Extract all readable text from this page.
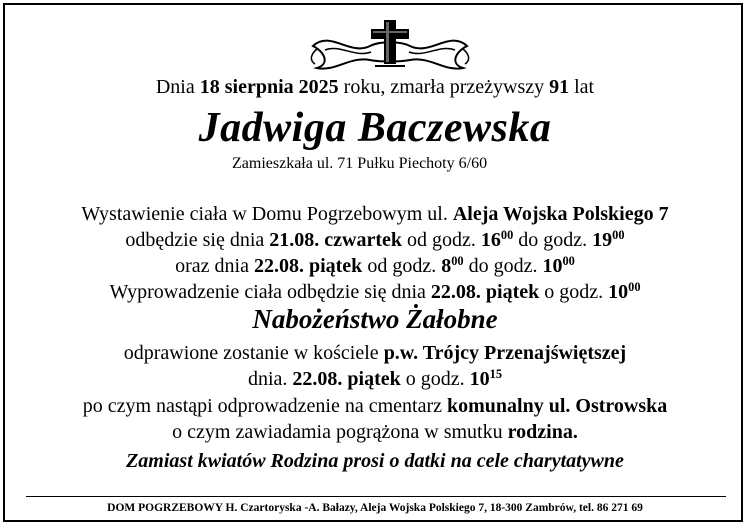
Dnia 18 sierpnia 2025 roku, zmarła przeżywszy 91 lat
Jadwiga Baczewska
Zamieszkała ul. 71 Pułku Piechoty 6/60
Wystawienie ciała w Domu Pogrzebowym ul. Aleja Wojska Polskiego 7
odbędzie się dnia 21.08. czwartek od godz. $16^{00}$ do godz. $19^{00}$
oraz dnia 22.08. piątek od godz. $8^{00}$ do godz. $10^{00}$
Wyprowadzenie ciała odbędzie się dnia 22.08. piątek o godz. $10^{00}$
Nabożeństwo Żałobne
odprawione zostanie w kościele p.w. Trójcy Przenajświętszej
dnia. 22.08. piątek o godz. $10^{15}$
po czym nastąpi odprowadzenie na cmentarz komunalny ul. Ostrowska
o czym zawiadamia pogrążona w smutku rodzina.
Zamiast kwiatów Rodzina prosi o datki na cele charytatywne
DOM POGRZEBOWY H. Czartoryska -A. Bałazy, Aleja Wojska Polskiego 7, 18-300 Zambrów, tel. 86 271 69
